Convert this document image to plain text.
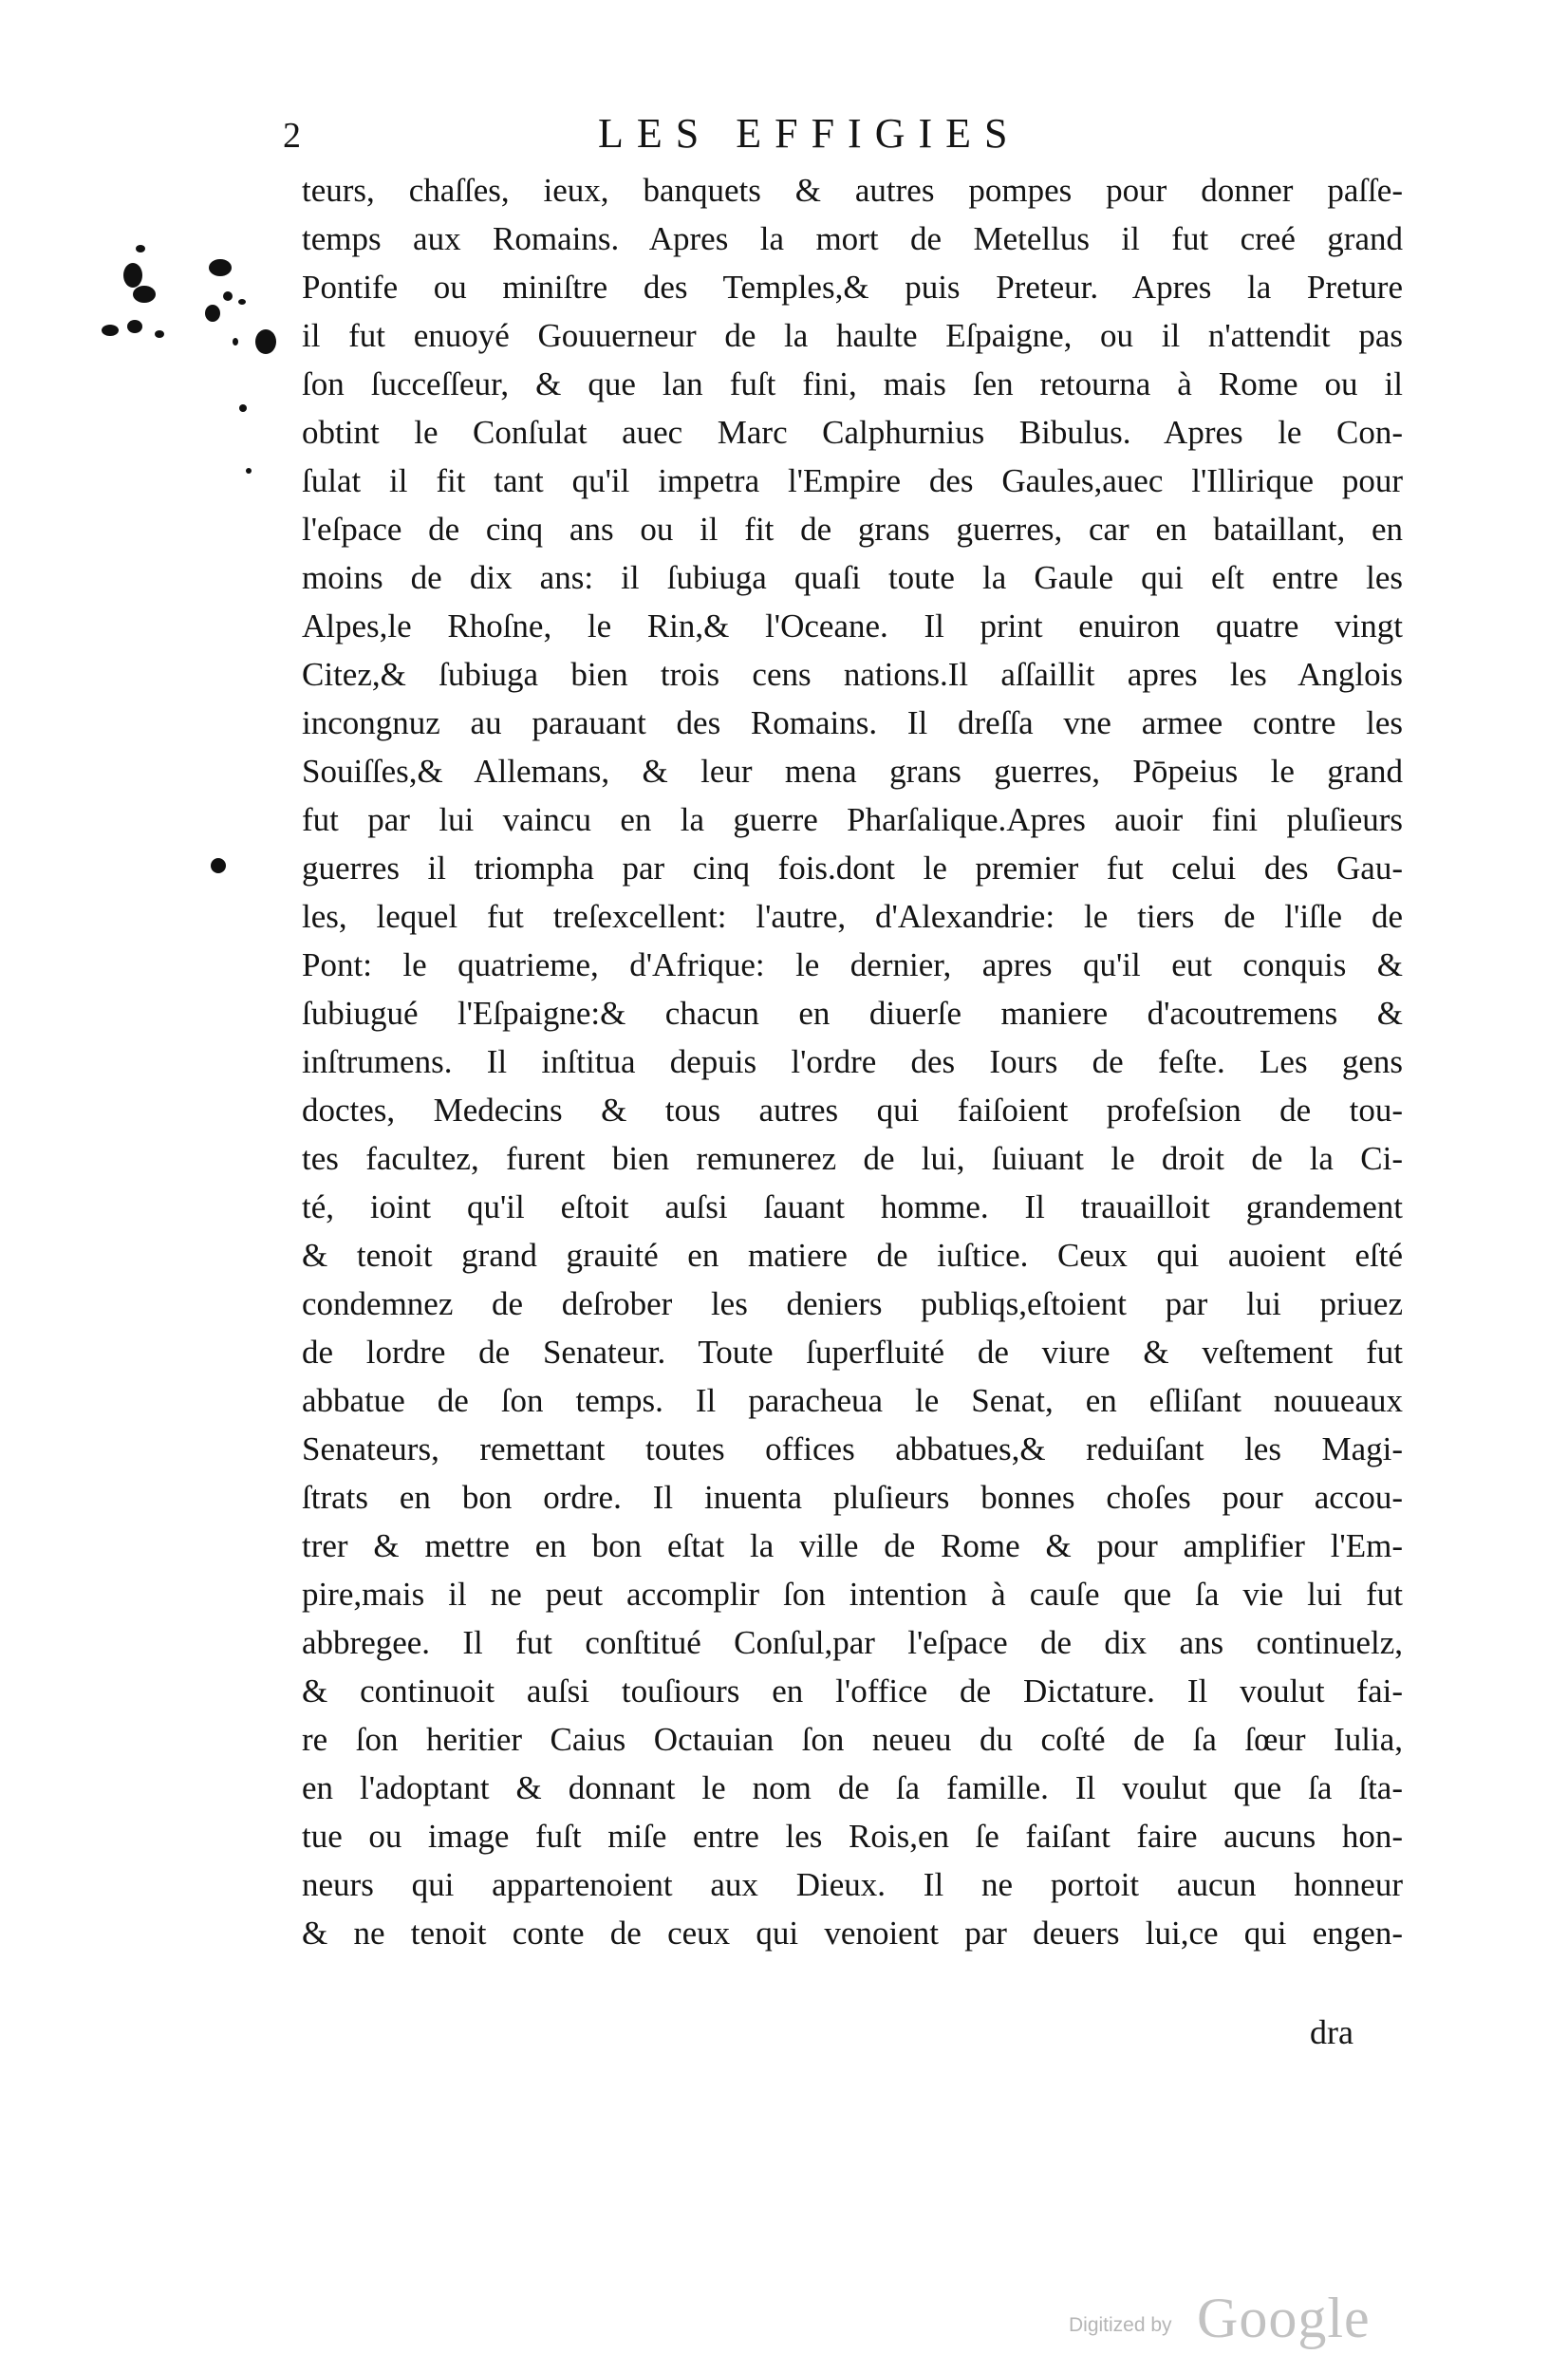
2	LES EFFIGIES
teurs, chaſſes, ieux, banquets & autres pompes pour donner paſſe-
temps aux Romains. Apres la mort de Metellus il fut creé grand
Pontife ou miniſtre des Temples,& puis Preteur. Apres la Preture
il fut enuoyé Gouuerneur de la haulte Eſpaigne, ou il n'attendit pas
ſon ſucceſſeur, & que lan fuſt fini, mais ſen retourna à Rome ou il
obtint le Conſulat auec Marc Calphurnius Bibulus. Apres le Con-
ſulat il fit tant qu'il impetra l'Empire des Gaules,auec l'Illirique pour
l'eſpace de cinq ans ou il fit de grans guerres, car en bataillant, en
moins de dix ans: il ſubiuga quaſi toute la Gaule qui eſt entre les
Alpes,le Rhoſne, le Rin,& l'Oceane. Il print enuiron quatre vingt
Citez,& ſubiuga bien trois cens nations.Il aſſaillit apres les Anglois
incongnuz au parauant des Romains. Il dreſſa vne armee contre les
Souiſſes,& Allemans, & leur mena grans guerres, Pōpeius le grand
fut par lui vaincu en la guerre Pharſalique.Apres auoir fini pluſieurs
guerres il triompha par cinq fois.dont le premier fut celui des Gau-
les, lequel fut treſexcellent: l'autre, d'Alexandrie: le tiers de l'iſle de
Pont: le quatrieme, d'Afrique: le dernier, apres qu'il eut conquis &
ſubiugué l'Eſpaigne:& chacun en diuerſe maniere d'acoutremens &
inſtrumens. Il inſtitua depuis l'ordre des Iours de feſte. Les gens
doctes, Medecins & tous autres qui faiſoient profeſsion de tou-
tes facultez, furent bien remunerez de lui, ſuiuant le droit de la Ci-
té, ioint qu'il eſtoit auſsi ſauant homme. Il trauailloit grandement
& tenoit grand grauité en matiere de iuſtice. Ceux qui auoient eſté
condemnez de deſrober les deniers publiqs,eſtoient par lui priuez
de lordre de Senateur. Toute ſuperfluité de viure & veſtement fut
abbatue de ſon temps. Il paracheua le Senat, en eſliſant nouueaux
Senateurs, remettant toutes offices abbatues,& reduiſant les Magi-
ſtrats en bon ordre. Il inuenta pluſieurs bonnes choſes pour accou-
trer & mettre en bon eſtat la ville de Rome & pour amplifier l'Em-
pire,mais il ne peut accomplir ſon intention à cauſe que ſa vie lui fut
abbregee. Il fut conſtitué Conſul,par l'eſpace de dix ans continuelz,
& continuoit auſsi touſiours en l'office de Dictature. Il voulut fai-
re ſon heritier Caius Octauian ſon neueu du coſté de ſa ſœur Iulia,
en l'adoptant & donnant le nom de ſa famille. Il voulut que ſa ſta-
tue ou image fuſt miſe entre les Rois,en ſe faiſant faire aucuns hon-
neurs qui appartenoient aux Dieux. Il ne portoit aucun honneur
& ne tenoit conte de ceux qui venoient par deuers lui,ce qui engen-
dra
Digitized by Google
